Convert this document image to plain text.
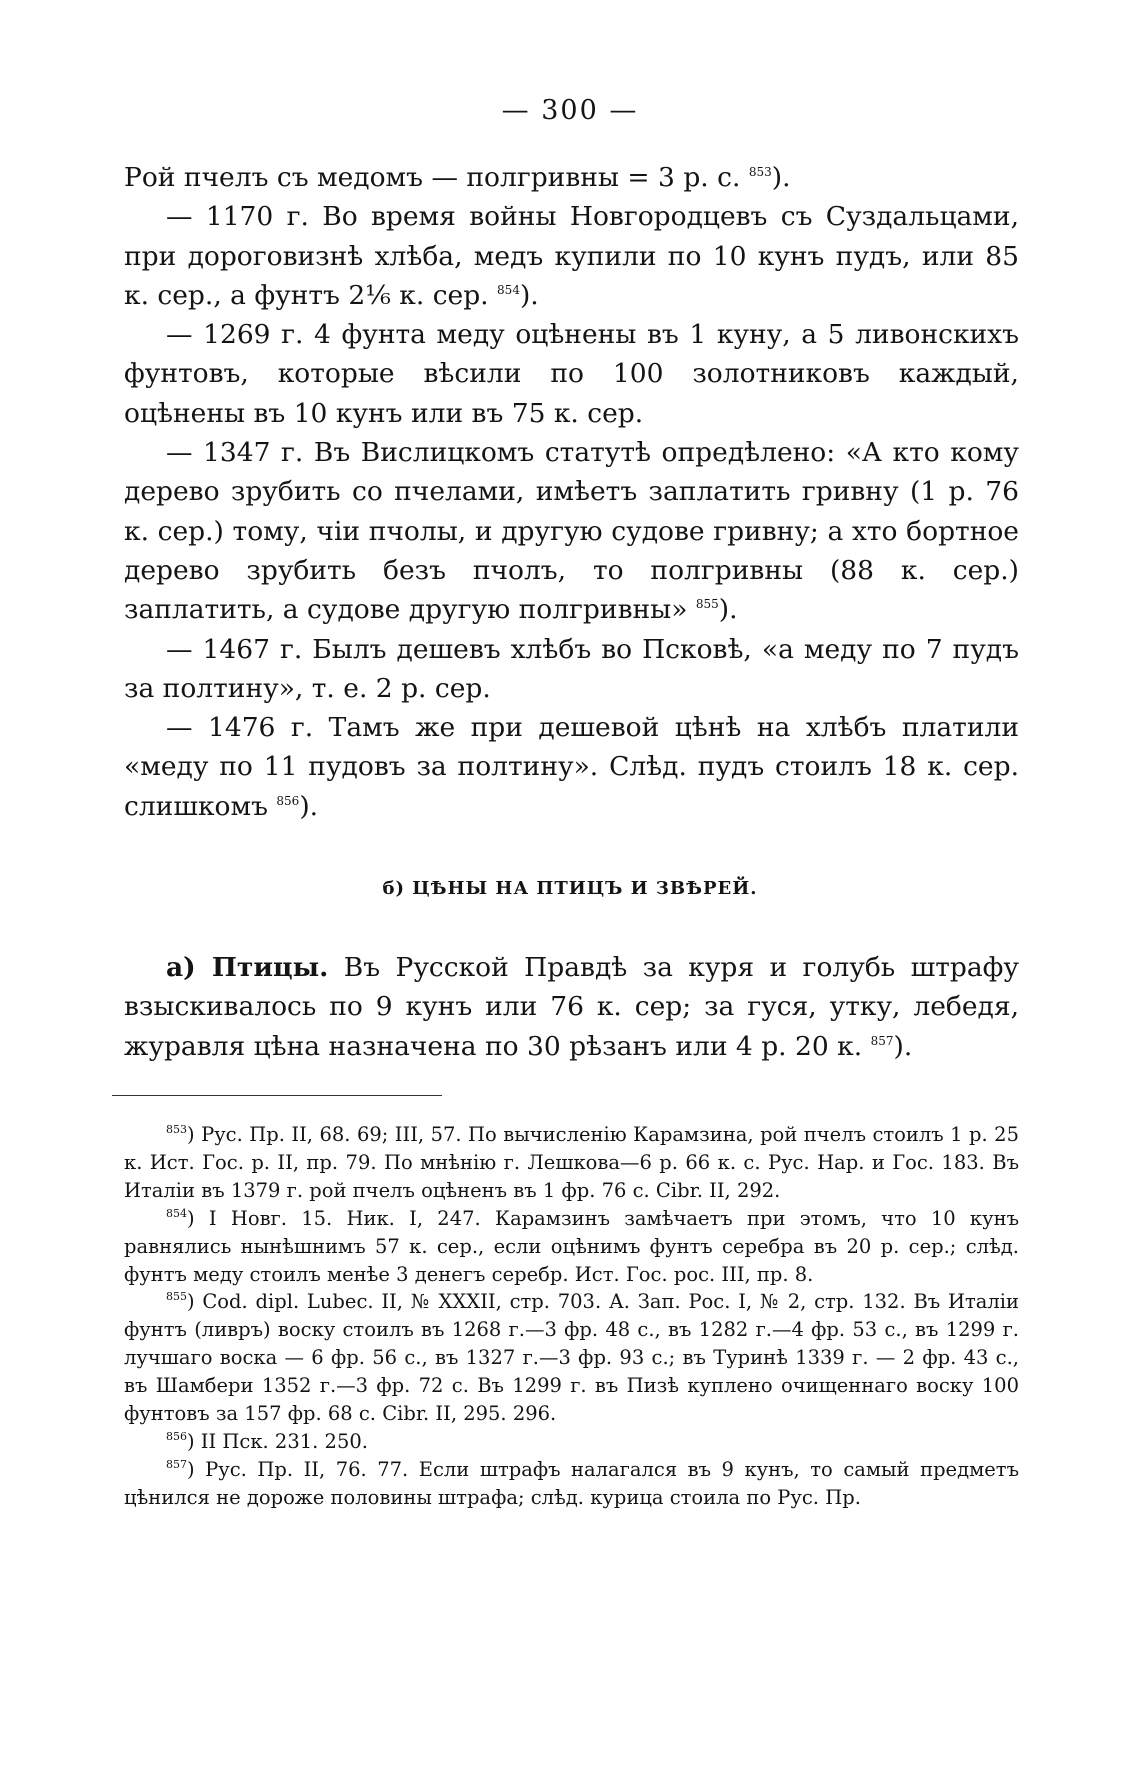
— 300 —

Рой пчелъ съ медомъ — полгривны = 3 р. с. $^{853}$).

— 1170 г. Во время войны Новгородцевъ съ Суздальцами, при дороговизнѣ хлѣба, медъ купили по 10 кунъ пудъ, или 85 к. сер., а фунтъ 2¹⁄₆ к. сер. $^{854}$).

— 1269 г. 4 фунта меду оцѣнены въ 1 куну, а 5 ливонскихъ фунтовъ, которые вѣсили по 100 золотниковъ каждый, оцѣнены въ 10 кунъ или въ 75 к. сер.

— 1347 г. Въ Вислицкомъ статутѣ опредѣлено: «А кто кому дерево зрубить со пчелами, имѣетъ заплатить гривну (1 р. 76 к. сер.) тому, чіи пчолы, и другую судове гривну; а хто бортное дерево зрубить безъ пчолъ, то полгривны (88 к. сер.) заплатить, а судове другую полгривны» $^{855}$).

— 1467 г. Былъ дешевъ хлѣбъ во Псковѣ, «а меду по 7 пудъ за полтину», т. е. 2 р. сер.

— 1476 г. Тамъ же при дешевой цѣнѣ на хлѣбъ платили «меду по 11 пудовъ за полтину». Слѣд. пудъ стоилъ 18 к. сер. слишкомъ $^{856}$).

б) ЦѢНЫ НА ПТИЦЪ И ЗВѢРЕЙ.

а) Птицы. Въ Русской Правдѣ за куря и голубь штрафу взыскивалось по 9 кунъ или 76 к. сер; за гуся, утку, лебедя, журавля цѣна назначена по 30 рѣзанъ или 4 р. 20 к. $^{857}$).

$^{853}$) Рус. Пр. II, 68. 69; III, 57. По вычисленію Карамзина, рой пчелъ стоилъ 1 р. 25 к. Ист. Гос. р. II, пр. 79. По мнѣнію г. Лешкова—6 р. 66 к. с. Рус. Нар. и Гос. 183. Въ Италіи въ 1379 г. рой пчелъ оцѣненъ въ 1 фр. 76 с. Cibr. II, 292.

$^{854}$) I Новг. 15. Ник. I, 247. Карамзинъ замѣчаетъ при этомъ, что 10 кунъ равнялись нынѣшнимъ 57 к. сер., если оцѣнимъ фунтъ серебра въ 20 р. сер.; слѣд. фунтъ меду стоилъ менѣе 3 денегъ серебр. Ист. Гос. рос. III, пр. 8.

$^{855}$) Cod. dipl. Lubec. II, № XXXII, стр. 703. А. Зап. Рос. I, № 2, стр. 132. Въ Италіи фунтъ (ливръ) воску стоилъ въ 1268 г.—3 фр. 48 с., въ 1282 г.—4 фр. 53 с., въ 1299 г. лучшаго воска — 6 фр. 56 с., въ 1327 г.—3 фр. 93 с.; въ Туринѣ 1339 г. — 2 фр. 43 с., въ Шамбери 1352 г.—3 фр. 72 с. Въ 1299 г. въ Пизѣ куплено очищеннаго воску 100 фунтовъ за 157 фр. 68 с. Cibr. II, 295. 296.

$^{856}$) II Пск. 231. 250.

$^{857}$) Рус. Пр. II, 76. 77. Если штрафъ налагался въ 9 кунъ, то самый предметъ цѣнился не дороже половины штрафа; слѣд. курица стоила по Рус. Пр.
